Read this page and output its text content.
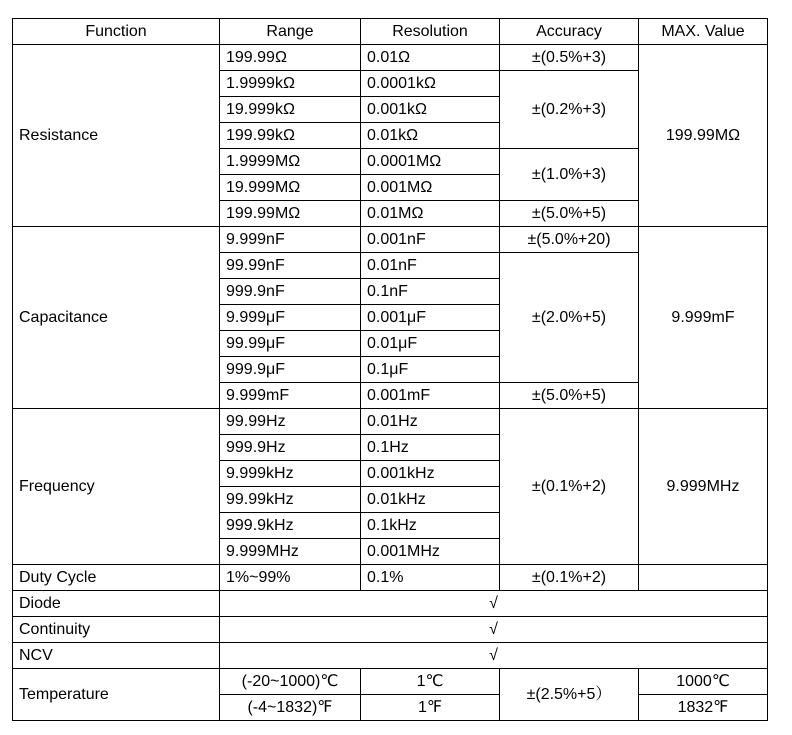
Function	Range	Resolution	Accuracy	MAX. Value
Resistance	199.99Ω	0.01Ω	±(0.5%+3)	199.99MΩ
	1.9999kΩ	0.0001kΩ	±(0.2%+3)	
	19.999kΩ	0.001kΩ		
	199.99kΩ	0.01kΩ		
	1.9999MΩ	0.0001MΩ	±(1.0%+3)	
	19.999MΩ	0.001MΩ		
	199.99MΩ	0.01MΩ	±(5.0%+5)	
Capacitance	9.999nF	0.001nF	±(5.0%+20)	9.999mF
	99.99nF	0.01nF	±(2.0%+5)	
	999.9nF	0.1nF		
	9.999μF	0.001μF		
	99.99μF	0.01μF		
	999.9μF	0.1μF		
	9.999mF	0.001mF	±(5.0%+5)	
Frequency	99.99Hz	0.01Hz	±(0.1%+2)	9.999MHz
	999.9Hz	0.1Hz		
	9.999kHz	0.001kHz		
	99.99kHz	0.01kHz		
	999.9kHz	0.1kHz		
	9.999MHz	0.001MHz		
Duty Cycle	1%~99%	0.1%	±(0.1%+2)	
Diode	√			
Continuity	√			
NCV	√			
Temperature	(-20~1000)℃	1℃	±(2.5%+5）	1000℃
	(-4~1832)℉	1℉		1832℉
